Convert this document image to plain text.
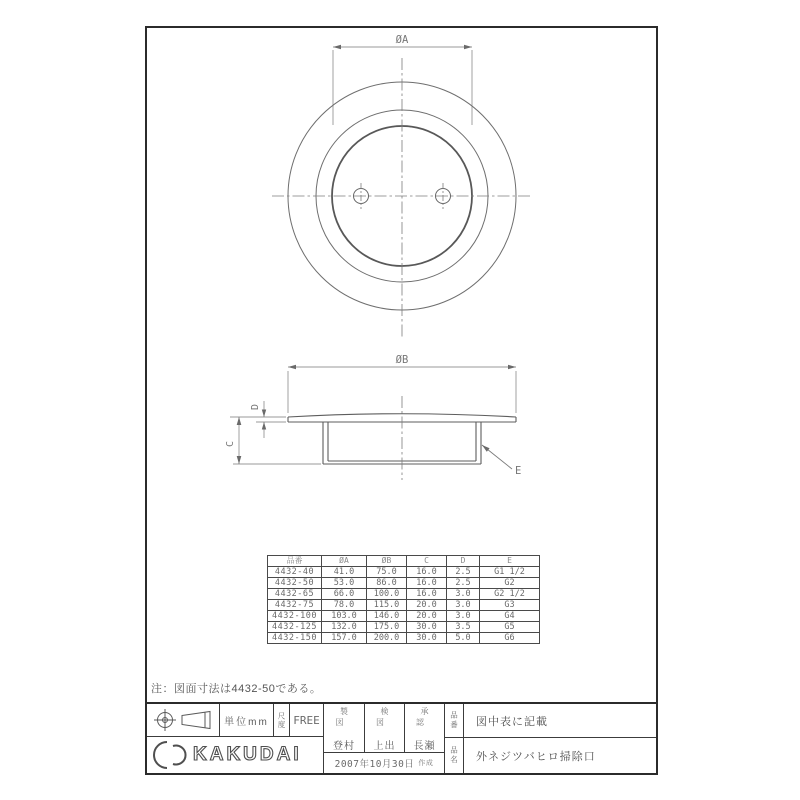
ØA
ØB
C
D
E
品番	ØA	ØB	C	D	E
4432-40	41.0	75.0	16.0	2.5	G1 1/2
4432-50	53.0	86.0	16.0	2.5	G2
4432-65	66.0	100.0	16.0	3.0	G2 1/2
4432-75	78.0	115.0	20.0	3.0	G3
4432-100	103.0	146.0	20.0	3.0	G4
4432-125	132.0	175.0	30.0	3.5	G5
4432-150	157.0	200.0	30.0	5.0	G6
注：図面寸法は4432-50である。
単位mm 尺度 FREE
KAKUDAI
製図
登村
検図
上出
承認
長瀬
2007年10月30日 作成
品番
品名
図中表に記載
外ネジツバヒロ掃除口
